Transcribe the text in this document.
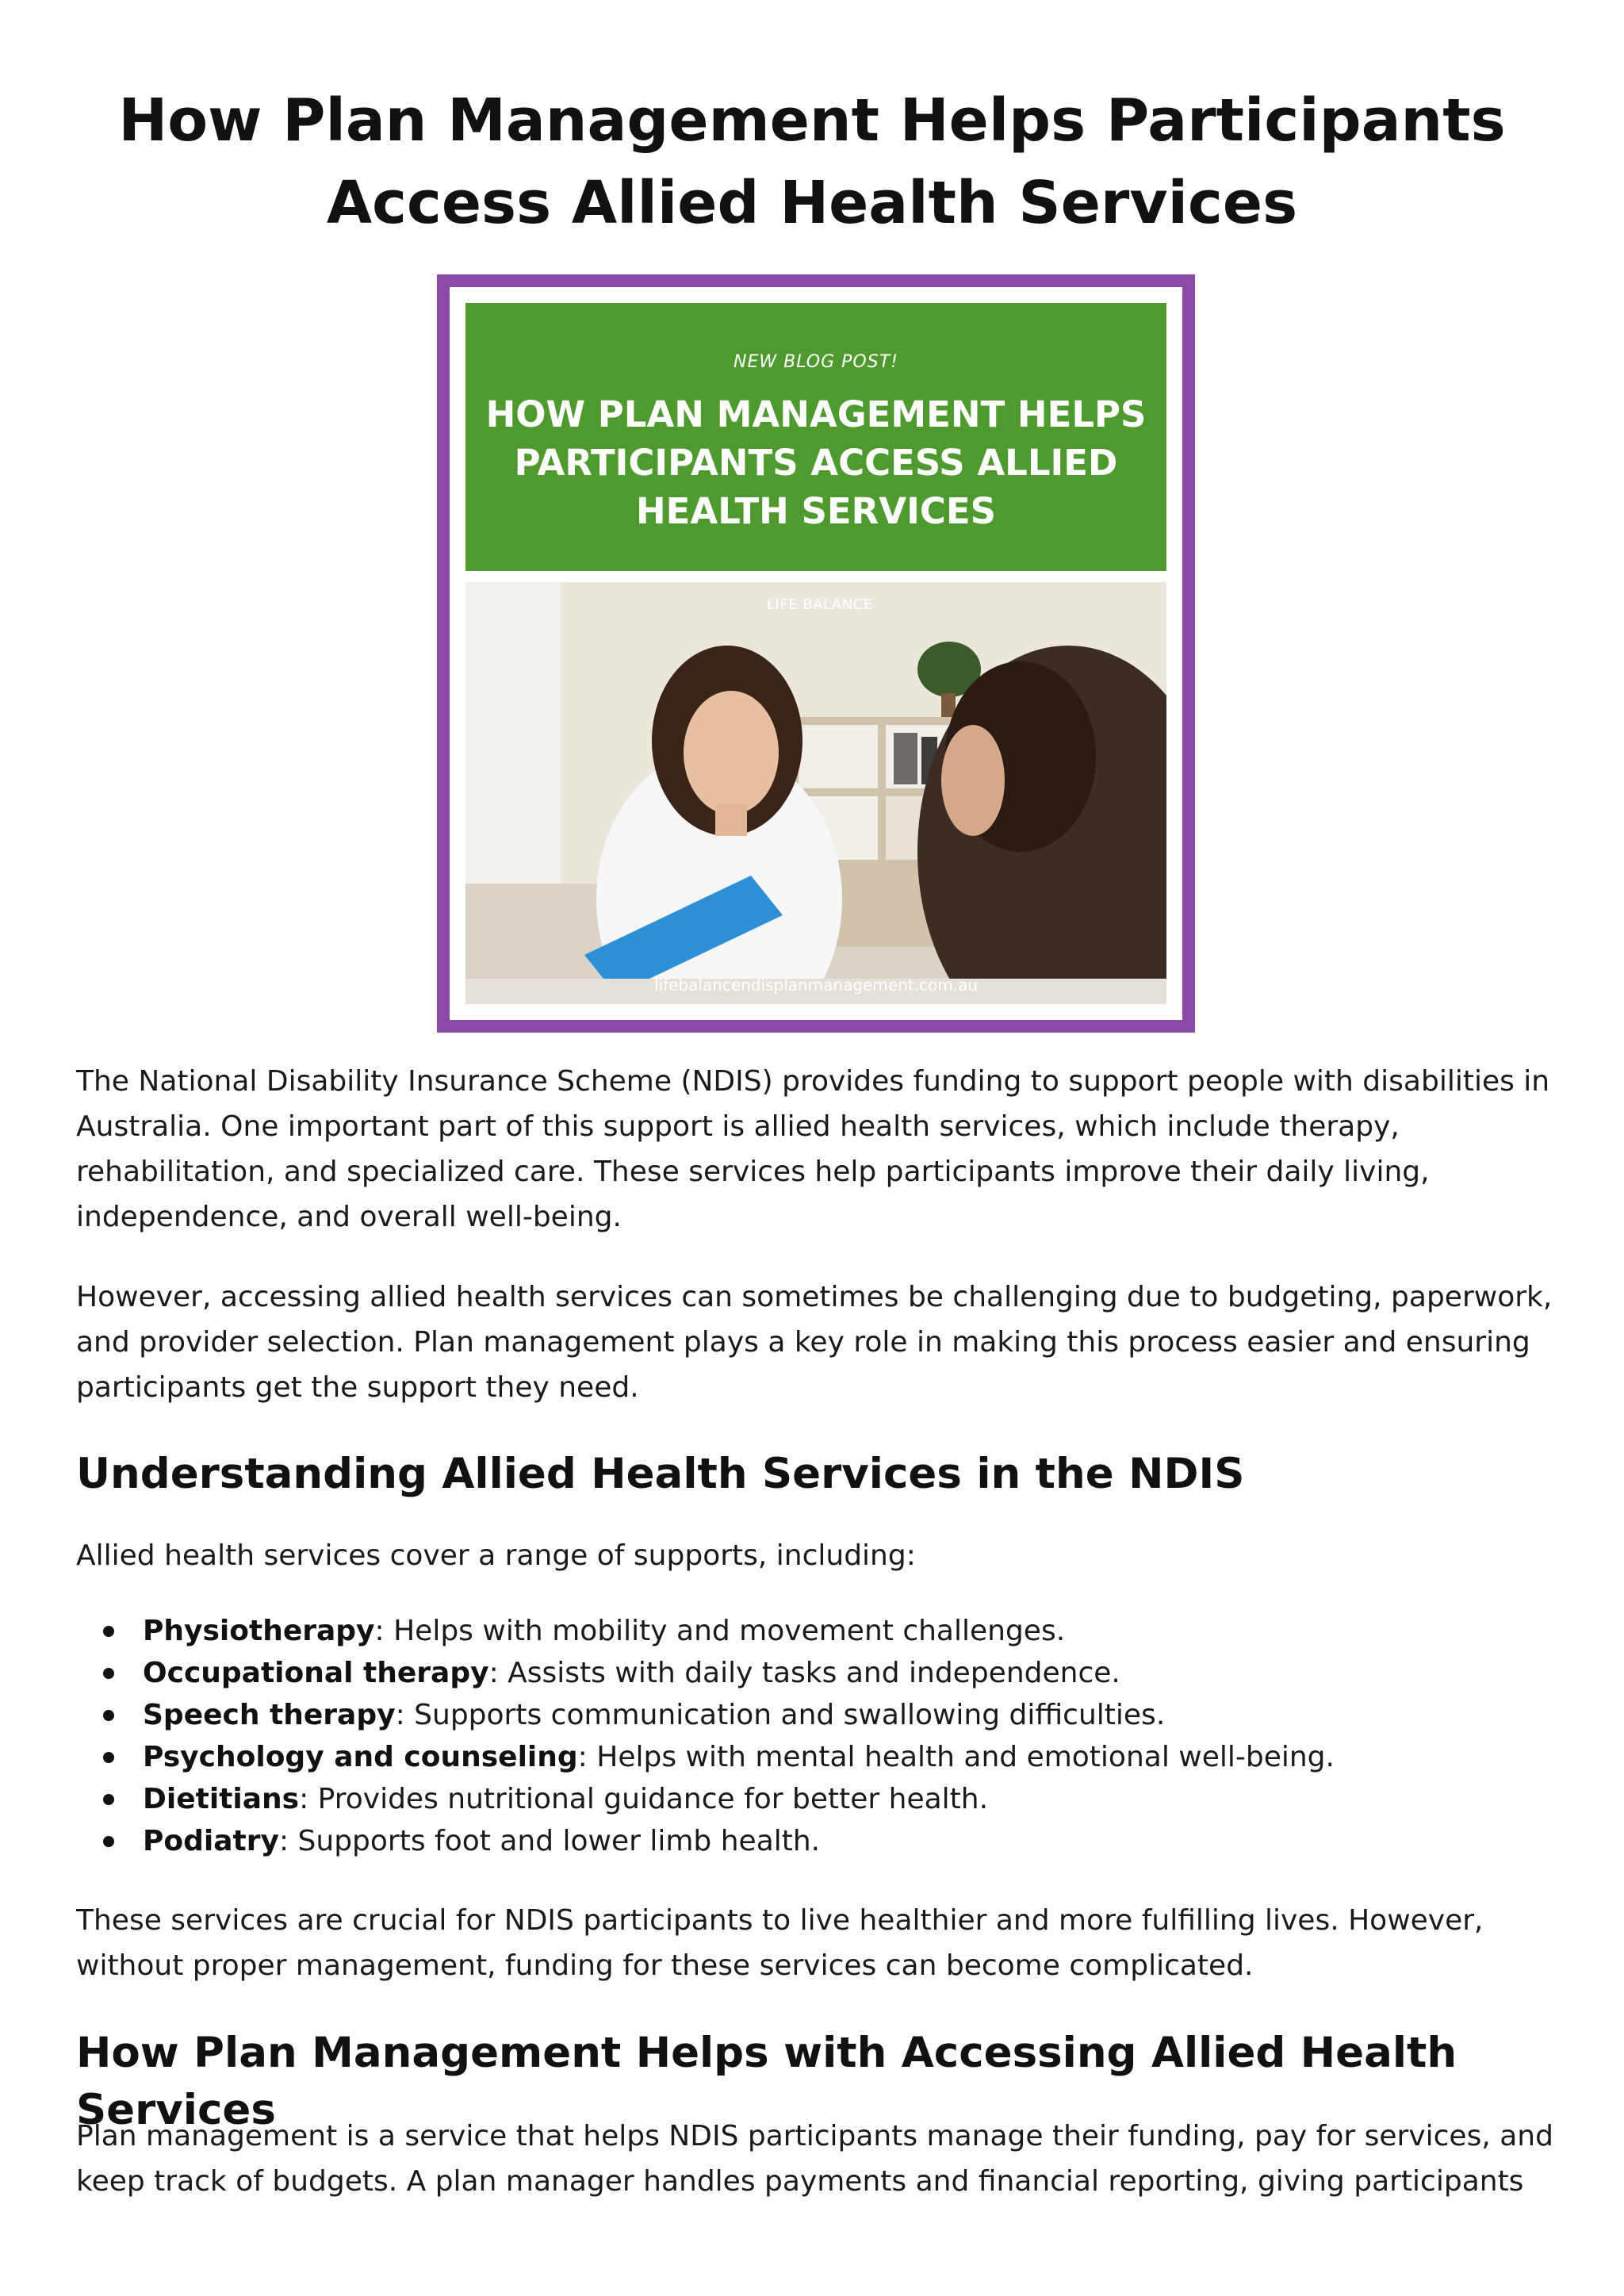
How Plan Management Helps Participants Access Allied Health Services
NEW BLOG POST!
HOW PLAN MANAGEMENT HELPS PARTICIPANTS ACCESS ALLIED HEALTH SERVICES
LIFE BALANCE
lifebalancendisplanmanagement.com.au

The National Disability Insurance Scheme (NDIS) provides funding to support people with disabilities in Australia. One important part of this support is allied health services, which include therapy, rehabilitation, and specialized care. These services help participants improve their daily living, independence, and overall well-being.

However, accessing allied health services can sometimes be challenging due to budgeting, paperwork, and provider selection. Plan management plays a key role in making this process easier and ensuring participants get the support they need.

Understanding Allied Health Services in the NDIS

Allied health services cover a range of supports, including:

Physiotherapy: Helps with mobility and movement challenges.
Occupational therapy: Assists with daily tasks and independence.
Speech therapy: Supports communication and swallowing difficulties.
Psychology and counseling: Helps with mental health and emotional well-being.
Dietitians: Provides nutritional guidance for better health.
Podiatry: Supports foot and lower limb health.

These services are crucial for NDIS participants to live healthier and more fulfilling lives. However, without proper management, funding for these services can become complicated.

How Plan Management Helps with Accessing Allied Health Services

Plan management is a service that helps NDIS participants manage their funding, pay for services, and keep track of budgets. A plan manager handles payments and financial reporting, giving participants
